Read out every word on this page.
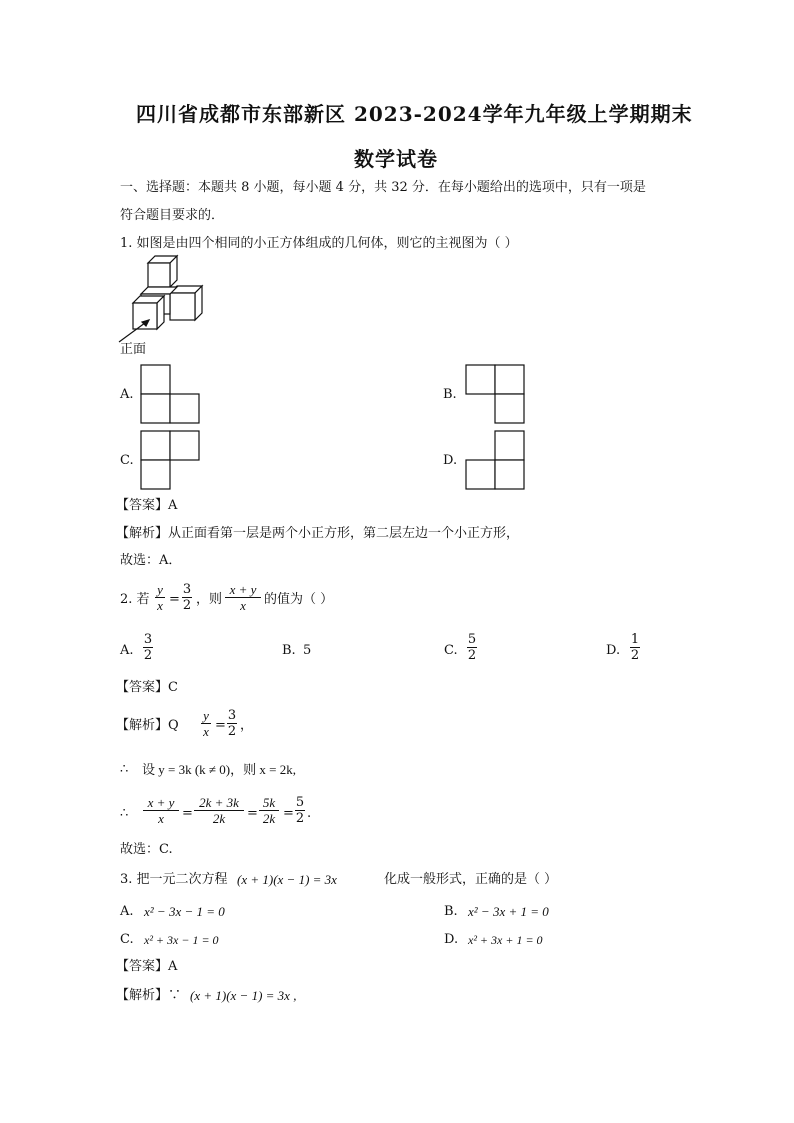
四川省成都市东部新区 2023-2024学年九年级上学期期末
数学试卷
一、选择题：本题共 8 小题，每小题 4 分，共 32 分．在每小题给出的选项中，只有一项是
符合题目要求的．
1. 如图是由四个相同的小正方体组成的几何体，则它的主视图为（ ）
正面
A.	B.
C.	D.
【答案】A
【解析】从正面看第一层是两个小正方形，第二层左边一个小正方形，
故选：A．
2. 若
y
x =
3
2 ，则
x + y
x	的值为（ ）
A.
3
2	B. 5	C.
5
2	D.
1
2
【答案】C
【解析】Q
y
x =
3
2 ，
∴ 设 y = 3k (k ≠ 0)，则 x = 2k,
∴
x + y
x	=
2k + 3k
2k	=
5k
2k =
5
2 .
故选：C.
3. 把一元二次方程 (x + 1)(x − 1) = 3x	化成一般形式，正确的是（ ）
A. x² − 3x − 1 = 0	B. x² − 3x + 1 = 0
C. x² + 3x − 1 = 0	D. x² + 3x + 1 = 0
【答案】A
【解析】∵ (x + 1)(x − 1) = 3x ,
